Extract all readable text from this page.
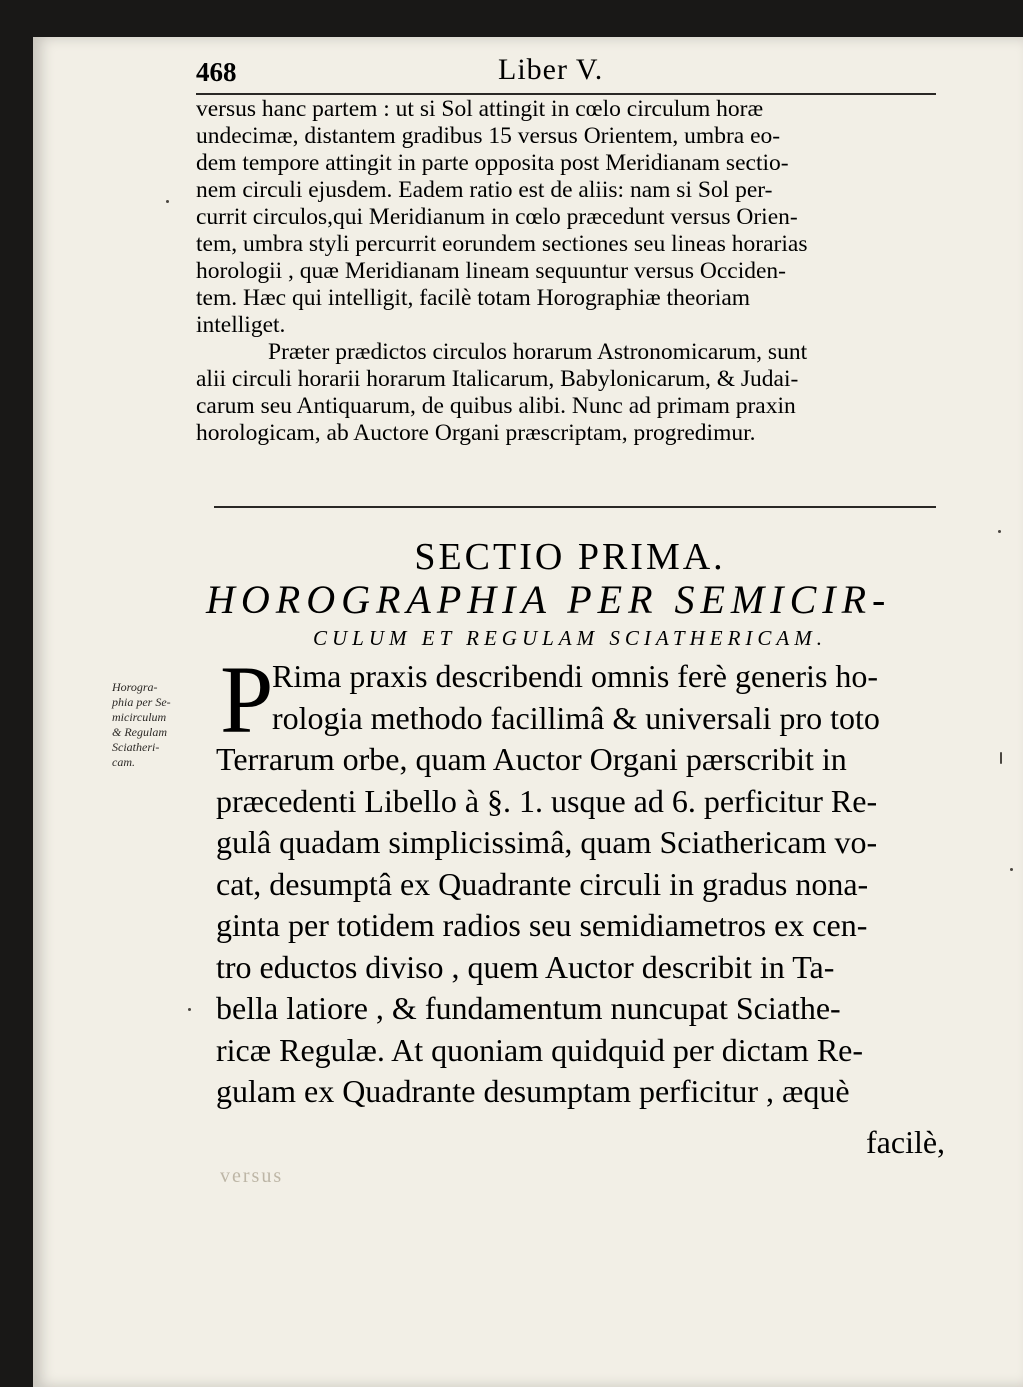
468	Liber V.
versus hanc partem : ut si Sol attingit in cœlo circulum horæ
undecimæ, distantem gradibus 15 versus Orientem, umbra eo-
dem tempore attingit in parte opposita post Meridianam sectio-
nem circuli ejusdem. Eadem ratio est de aliis: nam si Sol per-
currit circulos,qui Meridianum in cœlo præcedunt versus Orien-
tem, umbra styli percurrit eorundem sectiones seu lineas horarias
horologii , quæ Meridianam lineam sequuntur versus Occiden-
tem. Hæc qui intelligit, facilè totam Horographiæ theoriam
intelliget.
Præter prædictos circulos horarum Astronomicarum, sunt
alii circuli horarii horarum Italicarum, Babylonicarum, & Judai-
carum seu Antiquarum, de quibus alibi. Nunc ad primam praxin
horologicam, ab Auctore Organi præscriptam, progredimur.
SECTIO PRIMA.
HOROGRAPHIA PER SEMICIR-
CULUM ET REGULAM SCIATHERICAM.
Horogra-
phia per Se-
micirculum
& Regulam
Sciatheri-
cam.
P
Rima praxis describendi omnis ferè generis ho-
rologia methodo facillimâ & universali pro toto
Terrarum orbe, quam Auctor Organi pærscribit in
præcedenti Libello à §. 1. usque ad 6. perficitur Re-
gulâ quadam simplicissimâ, quam Sciathericam vo-
cat, desumptâ ex Quadrante circuli in gradus nona-
ginta per totidem radios seu semidiametros ex cen-
tro eductos diviso , quem Auctor describit in Ta-
bella latiore , & fundamentum nuncupat Sciathe-
ricæ Regulæ. At quoniam quidquid per dictam Re-
gulam ex Quadrante desumptam perficitur , æquè
facilè,
versus
